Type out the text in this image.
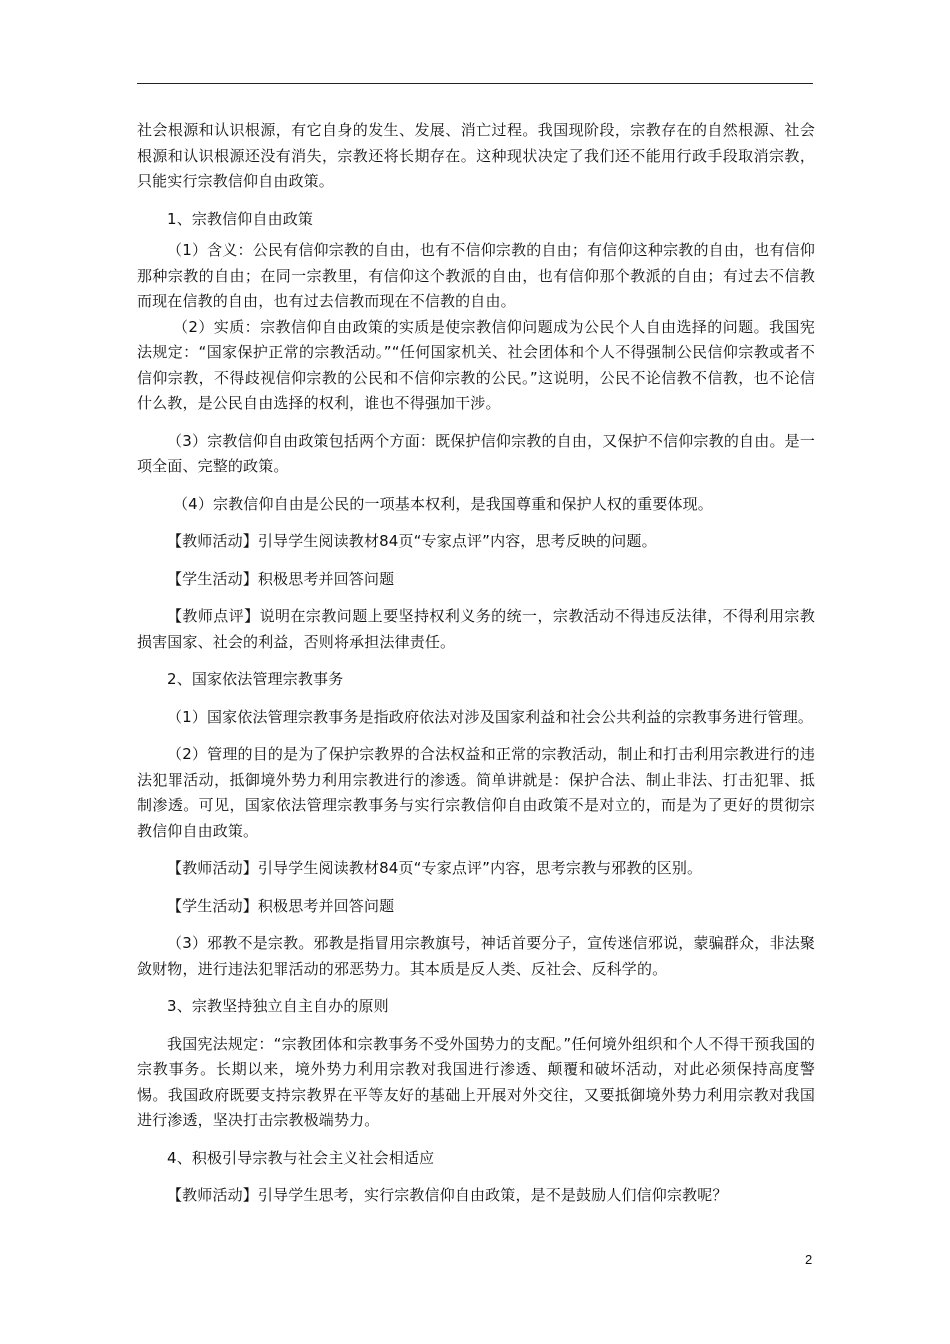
社会根源和认识根源，有它自身的发生、发展、消亡过程。我国现阶段，宗教存在的自然根源、社会根源和认识根源还没有消失，宗教还将长期存在。这种现状决定了我们还不能用行政手段取消宗教，只能实行宗教信仰自由政策。

1、宗教信仰自由政策

（1）含义：公民有信仰宗教的自由，也有不信仰宗教的自由；有信仰这种宗教的自由，也有信仰那种宗教的自由；在同一宗教里，有信仰这个教派的自由，也有信仰那个教派的自由；有过去不信教而现在信教的自由，也有过去信教而现在不信教的自由。

（2）实质：宗教信仰自由政策的实质是使宗教信仰问题成为公民个人自由选择的问题。我国宪法规定：“国家保护正常的宗教活动。”“任何国家机关、社会团体和个人不得强制公民信仰宗教或者不信仰宗教，不得歧视信仰宗教的公民和不信仰宗教的公民。”这说明，公民不论信教不信教，也不论信什么教，是公民自由选择的权利，谁也不得强加干涉。

（3）宗教信仰自由政策包括两个方面：既保护信仰宗教的自由，又保护不信仰宗教的自由。是一项全面、完整的政策。

（4）宗教信仰自由是公民的一项基本权利，是我国尊重和保护人权的重要体现。

【教师活动】引导学生阅读教材84页“专家点评”内容，思考反映的问题。

【学生活动】积极思考并回答问题

【教师点评】说明在宗教问题上要坚持权利义务的统一，宗教活动不得违反法律，不得利用宗教损害国家、社会的利益，否则将承担法律责任。

2、国家依法管理宗教事务

（1）国家依法管理宗教事务是指政府依法对涉及国家利益和社会公共利益的宗教事务进行管理。

（2）管理的目的是为了保护宗教界的合法权益和正常的宗教活动，制止和打击利用宗教进行的违法犯罪活动，抵御境外势力利用宗教进行的渗透。简单讲就是：保护合法、制止非法、打击犯罪、抵制渗透。可见，国家依法管理宗教事务与实行宗教信仰自由政策不是对立的，而是为了更好的贯彻宗教信仰自由政策。

【教师活动】引导学生阅读教材84页“专家点评”内容，思考宗教与邪教的区别。

【学生活动】积极思考并回答问题

（3）邪教不是宗教。邪教是指冒用宗教旗号，神话首要分子，宣传迷信邪说，蒙骗群众，非法聚敛财物，进行违法犯罪活动的邪恶势力。其本质是反人类、反社会、反科学的。

3、宗教坚持独立自主自办的原则

我国宪法规定：“宗教团体和宗教事务不受外国势力的支配。”任何境外组织和个人不得干预我国的宗教事务。长期以来，境外势力利用宗教对我国进行渗透、颠覆和破坏活动，对此必须保持高度警惕。我国政府既要支持宗教界在平等友好的基础上开展对外交往，又要抵御境外势力利用宗教对我国进行渗透，坚决打击宗教极端势力。

4、积极引导宗教与社会主义社会相适应

【教师活动】引导学生思考，实行宗教信仰自由政策，是不是鼓励人们信仰宗教呢？

2
